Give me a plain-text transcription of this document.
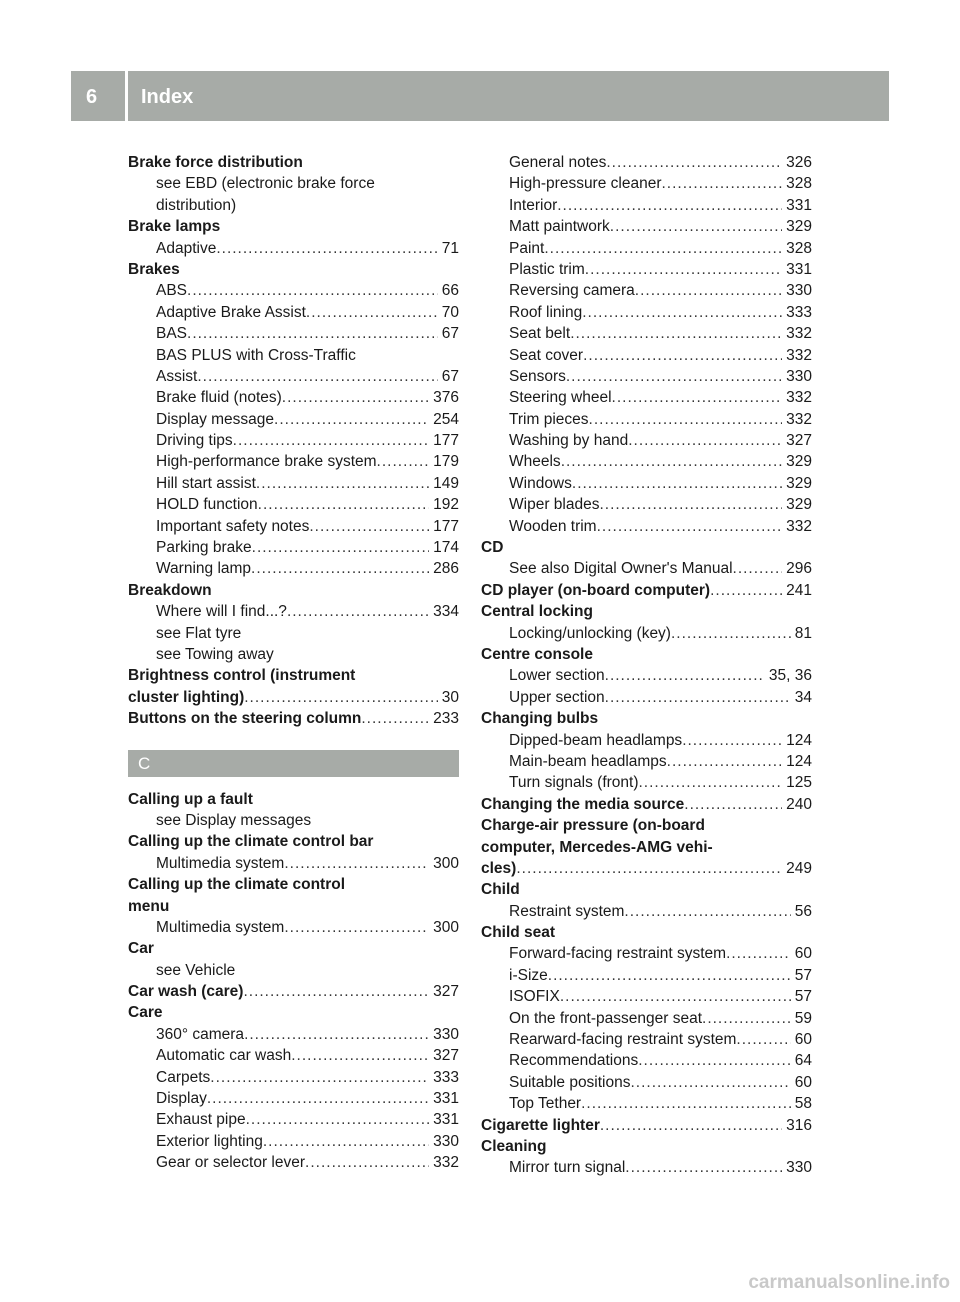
6 Index
Brake force distribution
see EBD (electronic brake force
distribution)
Brake lamps
Adaptive .....	71
Brakes
ABS .....	66
Adaptive Brake Assist .....	70
BAS .....	67
BAS PLUS with Cross-Traffic
Assist .....	67
Brake fluid (notes) .....	376
Display message .....	254
Driving tips .....	177
High-performance brake system .....	179
Hill start assist .....	149
HOLD function .....	192
Important safety notes .....	177
Parking brake .....	174
Warning lamp .....	286
Breakdown
Where will I find...? .....	334
see Flat tyre
see Towing away
Brightness control (instrument
cluster lighting) .....	30
Buttons on the steering column .....	233
C
Calling up a fault
see Display messages
Calling up the climate control bar
Multimedia system .....	300
Calling up the climate control
menu
Multimedia system .....	300
Car
see Vehicle
Car wash (care) .....	327
Care
360° camera .....	330
Automatic car wash .....	327
Carpets .....	333
Display .....	331
Exhaust pipe .....	331
Exterior lighting .....	330
Gear or selector lever .....	332
General notes .....	326
High-pressure cleaner .....	328
Interior .....	331
Matt paintwork .....	329
Paint .....	328
Plastic trim .....	331
Reversing camera .....	330
Roof lining .....	333
Seat belt .....	332
Seat cover .....	332
Sensors .....	330
Steering wheel .....	332
Trim pieces .....	332
Washing by hand .....	327
Wheels .....	329
Windows .....	329
Wiper blades .....	329
Wooden trim .....	332
CD
See also Digital Owner's Manual .....	296
CD player (on-board computer) .....	241
Central locking
Locking/unlocking (key) .....	81
Centre console
Lower section .....	35, 36
Upper section .....	34
Changing bulbs
Dipped-beam headlamps .....	124
Main-beam headlamps .....	124
Turn signals (front) .....	125
Changing the media source .....	240
Charge-air pressure (on-board
computer, Mercedes-AMG vehi-
cles) .....	249
Child
Restraint system .....	56
Child seat
Forward-facing restraint system .....	60
i-Size .....	57
ISOFIX .....	57
On the front-passenger seat .....	59
Rearward-facing restraint system .....	60
Recommendations .....	64
Suitable positions .....	60
Top Tether .....	58
Cigarette lighter .....	316
Cleaning
Mirror turn signal .....	330
carmanualsonline.info
